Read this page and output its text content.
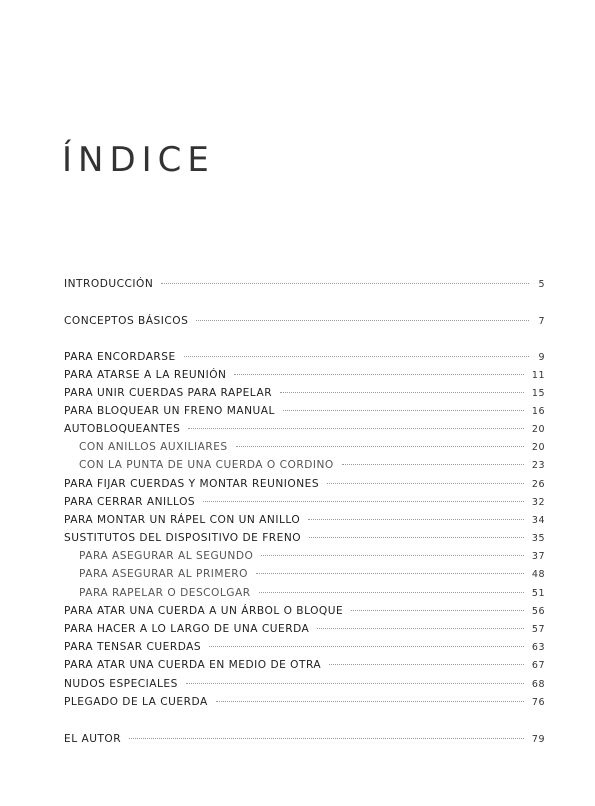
ÍNDICE
INTRODUCCIÓN	5
CONCEPTOS BÁSICOS	7
PARA ENCORDARSE	9
PARA ATARSE A LA REUNIÓN	11
PARA UNIR CUERDAS PARA RAPELAR	15
PARA BLOQUEAR UN FRENO MANUAL	16
AUTOBLOQUEANTES	20
CON ANILLOS AUXILIARES	20
CON LA PUNTA DE UNA CUERDA O CORDINO	23
PARA FIJAR CUERDAS Y MONTAR REUNIONES	26
PARA CERRAR ANILLOS	32
PARA MONTAR UN RÁPEL CON UN ANILLO	34
SUSTITUTOS DEL DISPOSITIVO DE FRENO	35
PARA ASEGURAR AL SEGUNDO	37
PARA ASEGURAR AL PRIMERO	48
PARA RAPELAR O DESCOLGAR	51
PARA ATAR UNA CUERDA A UN ÁRBOL O BLOQUE	56
PARA HACER A LO LARGO DE UNA CUERDA	57
PARA TENSAR CUERDAS	63
PARA ATAR UNA CUERDA EN MEDIO DE OTRA	67
NUDOS ESPECIALES	68
PLEGADO DE LA CUERDA	76
EL AUTOR	79
